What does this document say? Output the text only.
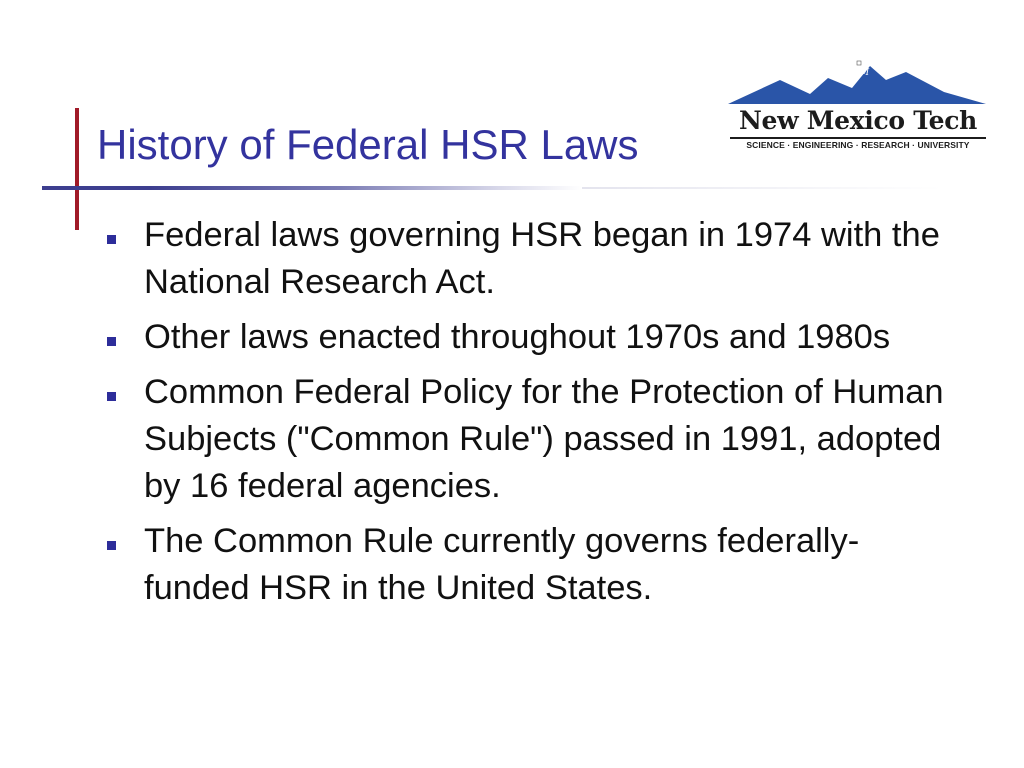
History of Federal HSR Laws
M
New Mexico Tech
SCIENCE · ENGINEERING · RESEARCH · UNIVERSITY
Federal laws governing HSR began in 1974 with the National Research Act.
Other laws enacted throughout 1970s and 1980s
Common Federal Policy for the Protection of Human Subjects ("Common Rule") passed in 1991, adopted by 16 federal agencies.
The Common Rule currently governs federally-funded HSR in the United States.
